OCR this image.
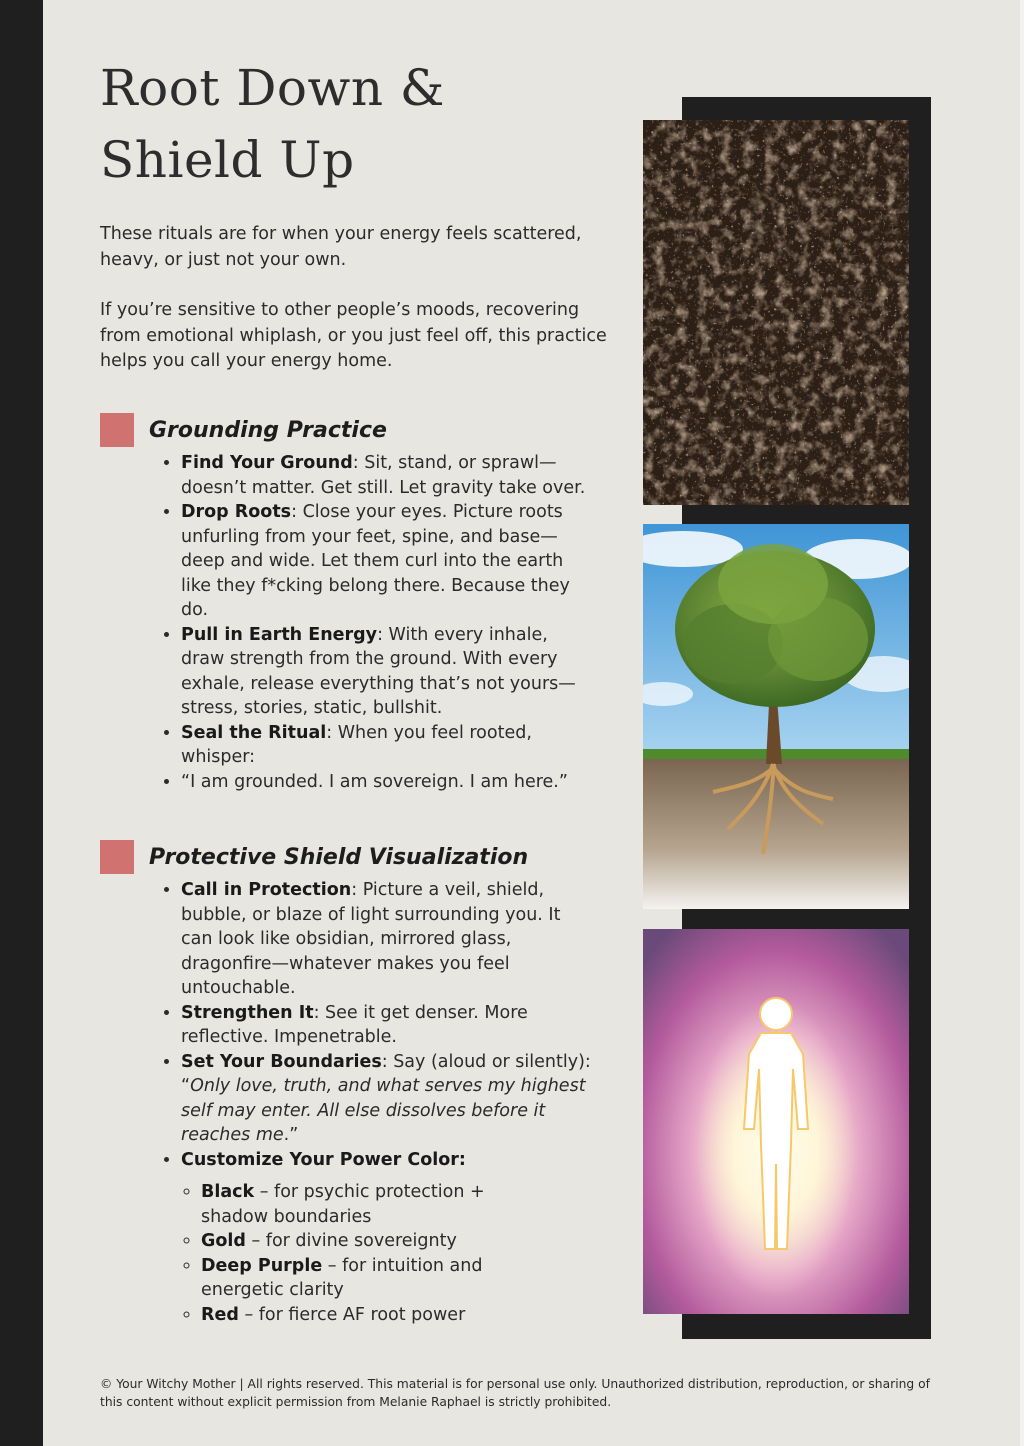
Root Down &
Shield Up

These rituals are for when your energy feels scattered, heavy, or just not your own.

If you’re sensitive to other people’s moods, recovering from emotional whiplash, or you just feel off, this practice helps you call your energy home.

Grounding Practice
• Find Your Ground: Sit, stand, or sprawl—doesn’t matter. Get still. Let gravity take over.
• Drop Roots: Close your eyes. Picture roots unfurling from your feet, spine, and base—deep and wide. Let them curl into the earth like they f*cking belong there. Because they do.
• Pull in Earth Energy: With every inhale, draw strength from the ground. With every exhale, release everything that’s not yours—stress, stories, static, bullshit.
• Seal the Ritual: When you feel rooted, whisper:
• “I am grounded. I am sovereign. I am here.”
Protective Shield Visualization
• Call in Protection: Picture a veil, shield, bubble, or blaze of light surrounding you. It can look like obsidian, mirrored glass, dragonfire—whatever makes you feel untouchable.
• Strengthen It: See it get denser. More reflective. Impenetrable.
• Set Your Boundaries: Say (aloud or silently): “Only love, truth, and what serves my highest self may enter. All else dissolves before it reaches me.”
• Customize Your Power Color:
◦ Black – for psychic protection + shadow boundaries
◦ Gold – for divine sovereignty
◦ Deep Purple – for intuition and energetic clarity
◦ Red – for fierce AF root power
© Your Witchy Mother | All rights reserved. This material is for personal use only. Unauthorized distribution, reproduction, or sharing of this content without explicit permission from Melanie Raphael is strictly prohibited.
